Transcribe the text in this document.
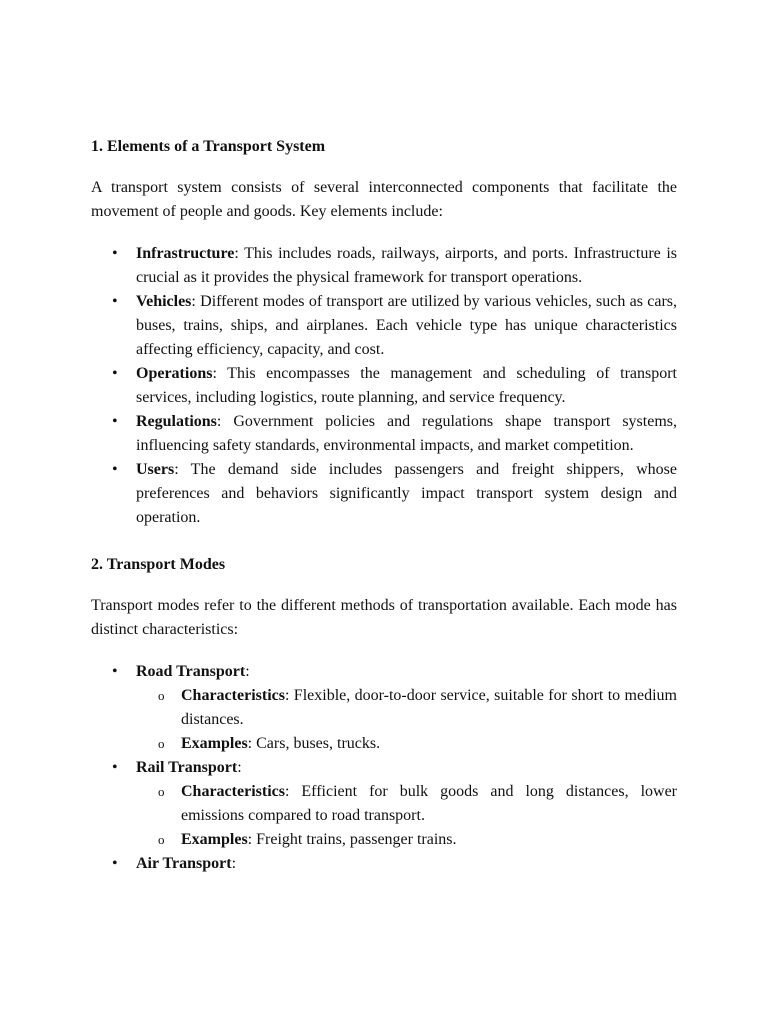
1. Elements of a Transport System

A transport system consists of several interconnected components that facilitate the movement of people and goods. Key elements include:

• Infrastructure: This includes roads, railways, airports, and ports. Infrastructure is crucial as it provides the physical framework for transport operations.
• Vehicles: Different modes of transport are utilized by various vehicles, such as cars, buses, trains, ships, and airplanes. Each vehicle type has unique characteristics affecting efficiency, capacity, and cost.
• Operations: This encompasses the management and scheduling of transport services, including logistics, route planning, and service frequency.
• Regulations: Government policies and regulations shape transport systems, influencing safety standards, environmental impacts, and market competition.
• Users: The demand side includes passengers and freight shippers, whose preferences and behaviors significantly impact transport system design and operation.
2. Transport Modes

Transport modes refer to the different methods of transportation available. Each mode has distinct characteristics:

• Road Transport:
o Characteristics: Flexible, door-to-door service, suitable for short to medium distances.
o Examples: Cars, buses, trucks.
• Rail Transport:
o Characteristics: Efficient for bulk goods and long distances, lower emissions compared to road transport.
o Examples: Freight trains, passenger trains.
• Air Transport:
